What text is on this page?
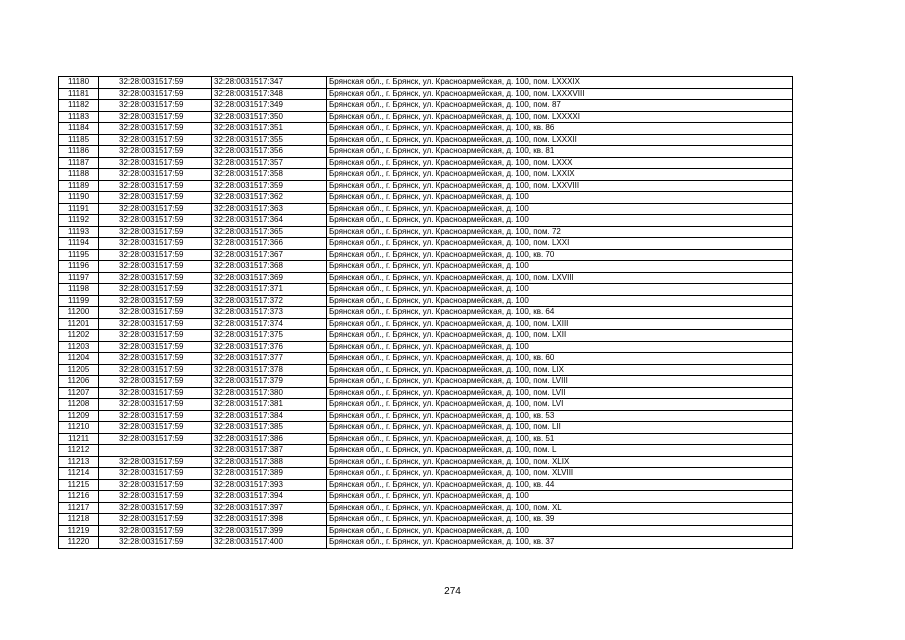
11180	32:28:0031517:59	32:28:0031517:347	Брянская обл., г. Брянск, ул. Красноармейская, д. 100, пом. LXXXIX
11181	32:28:0031517:59	32:28:0031517:348	Брянская обл., г. Брянск, ул. Красноармейская, д. 100, пом. LXXXVIII
11182	32:28:0031517:59	32:28:0031517:349	Брянская обл., г. Брянск, ул. Красноармейская, д. 100, пом. 87
11183	32:28:0031517:59	32:28:0031517:350	Брянская обл., г. Брянск, ул. Красноармейская, д. 100, пом. LXXXXI
11184	32:28:0031517:59	32:28:0031517:351	Брянская обл., г. Брянск, ул. Красноармейская, д. 100, кв. 86
11185	32:28:0031517:59	32:28:0031517:355	Брянская обл., г. Брянск, ул. Красноармейская, д. 100, пом. LXXXII
11186	32:28:0031517:59	32:28:0031517:356	Брянская обл., г. Брянск, ул. Красноармейская, д. 100, кв. 81
11187	32:28:0031517:59	32:28:0031517:357	Брянская обл., г. Брянск, ул. Красноармейская, д. 100, пом. LXXX
11188	32:28:0031517:59	32:28:0031517:358	Брянская обл., г. Брянск, ул. Красноармейская, д. 100, пом. LXXIX
11189	32:28:0031517:59	32:28:0031517:359	Брянская обл., г. Брянск, ул. Красноармейская, д. 100, пом. LXXVIII
11190	32:28:0031517:59	32:28:0031517:362	Брянская обл., г. Брянск, ул. Красноармейская, д. 100
11191	32:28:0031517:59	32:28:0031517:363	Брянская обл., г. Брянск, ул. Красноармейская, д. 100
11192	32:28:0031517:59	32:28:0031517:364	Брянская обл., г. Брянск, ул. Красноармейская, д. 100
11193	32:28:0031517:59	32:28:0031517:365	Брянская обл., г. Брянск, ул. Красноармейская, д. 100, пом. 72
11194	32:28:0031517:59	32:28:0031517:366	Брянская обл., г. Брянск, ул. Красноармейская, д. 100, пом. LXXI
11195	32:28:0031517:59	32:28:0031517:367	Брянская обл., г. Брянск, ул. Красноармейская, д. 100, кв. 70
11196	32:28:0031517:59	32:28:0031517:368	Брянская обл., г. Брянск, ул. Красноармейская, д. 100
11197	32:28:0031517:59	32:28:0031517:369	Брянская обл., г. Брянск, ул. Красноармейская, д. 100, пом. LXVIII
11198	32:28:0031517:59	32:28:0031517:371	Брянская обл., г. Брянск, ул. Красноармейская, д. 100
11199	32:28:0031517:59	32:28:0031517:372	Брянская обл., г. Брянск, ул. Красноармейская, д. 100
11200	32:28:0031517:59	32:28:0031517:373	Брянская обл., г. Брянск, ул. Красноармейская, д. 100, кв. 64
11201	32:28:0031517:59	32:28:0031517:374	Брянская обл., г. Брянск, ул. Красноармейская, д. 100, пом. LXIII
11202	32:28:0031517:59	32:28:0031517:375	Брянская обл., г. Брянск, ул. Красноармейская, д. 100, пом. LXII
11203	32:28:0031517:59	32:28:0031517:376	Брянская обл., г. Брянск, ул. Красноармейская, д. 100
11204	32:28:0031517:59	32:28:0031517:377	Брянская обл., г. Брянск, ул. Красноармейская, д. 100, кв. 60
11205	32:28:0031517:59	32:28:0031517:378	Брянская обл., г. Брянск, ул. Красноармейская, д. 100, пом. LIX
11206	32:28:0031517:59	32:28:0031517:379	Брянская обл., г. Брянск, ул. Красноармейская, д. 100, пом. LVIII
11207	32:28:0031517:59	32:28:0031517:380	Брянская обл., г. Брянск, ул. Красноармейская, д. 100, пом. LVII
11208	32:28:0031517:59	32:28:0031517:381	Брянская обл., г. Брянск, ул. Красноармейская, д. 100, пом. LVI
11209	32:28:0031517:59	32:28:0031517:384	Брянская обл., г. Брянск, ул. Красноармейская, д. 100, кв. 53
11210	32:28:0031517:59	32:28:0031517:385	Брянская обл., г. Брянск, ул. Красноармейская, д. 100, пом. LII
11211	32:28:0031517:59	32:28:0031517:386	Брянская обл., г. Брянск, ул. Красноармейская, д. 100, кв. 51
11212		32:28:0031517:387	Брянская обл., г. Брянск, ул. Красноармейская, д. 100, пом. L
11213	32:28:0031517:59	32:28:0031517:388	Брянская обл., г. Брянск, ул. Красноармейская, д. 100, пом. XLIX
11214	32:28:0031517:59	32:28:0031517:389	Брянская обл., г. Брянск, ул. Красноармейская, д. 100, пом. XLVIII
11215	32:28:0031517:59	32:28:0031517:393	Брянская обл., г. Брянск, ул. Красноармейская, д. 100, кв. 44
11216	32:28:0031517:59	32:28:0031517:394	Брянская обл., г. Брянск, ул. Красноармейская, д. 100
11217	32:28:0031517:59	32:28:0031517:397	Брянская обл., г. Брянск, ул. Красноармейская, д. 100, пом. XL
11218	32:28:0031517:59	32:28:0031517:398	Брянская обл., г. Брянск, ул. Красноармейская, д. 100, кв. 39
11219	32:28:0031517:59	32:28:0031517:399	Брянская обл., г. Брянск, ул. Красноармейская, д. 100
11220	32:28:0031517:59	32:28:0031517:400	Брянская обл., г. Брянск, ул. Красноармейская, д. 100, кв. 37
274
